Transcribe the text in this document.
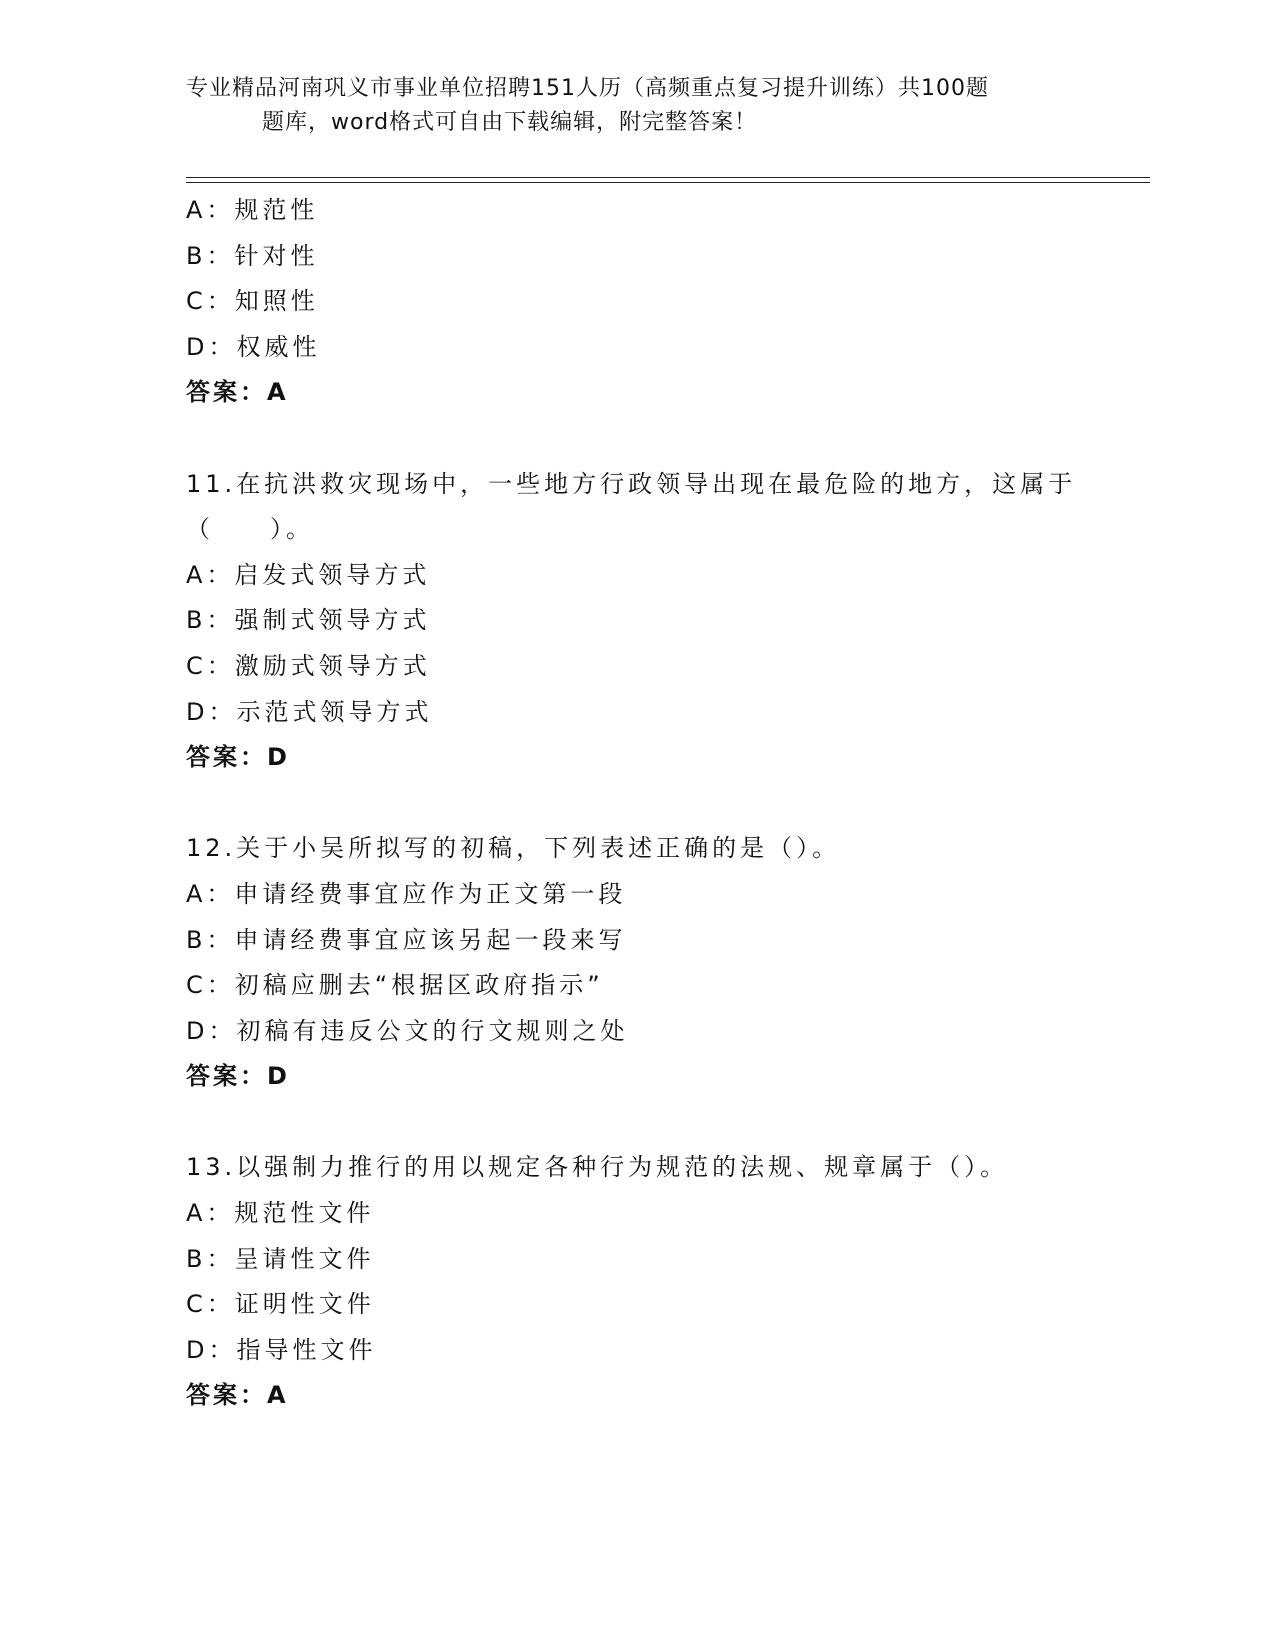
专业精品河南巩义市事业单位招聘151人历（高频重点复习提升训练）共100题
题库，word格式可自由下载编辑，附完整答案！
A：规范性
B：针对性
C：知照性
D：权威性
答案：A
11.在抗洪救灾现场中，一些地方行政领导出现在最危险的地方，这属于（　　）。
A：启发式领导方式
B：强制式领导方式
C：激励式领导方式
D：示范式领导方式
答案：D
12.关于小吴所拟写的初稿，下列表述正确的是（）。
A：申请经费事宜应作为正文第一段
B：申请经费事宜应该另起一段来写
C：初稿应删去“根据区政府指示”
D：初稿有违反公文的行文规则之处
答案：D
13.以强制力推行的用以规定各种行为规范的法规、规章属于（）。
A：规范性文件
B：呈请性文件
C：证明性文件
D：指导性文件
答案：A
